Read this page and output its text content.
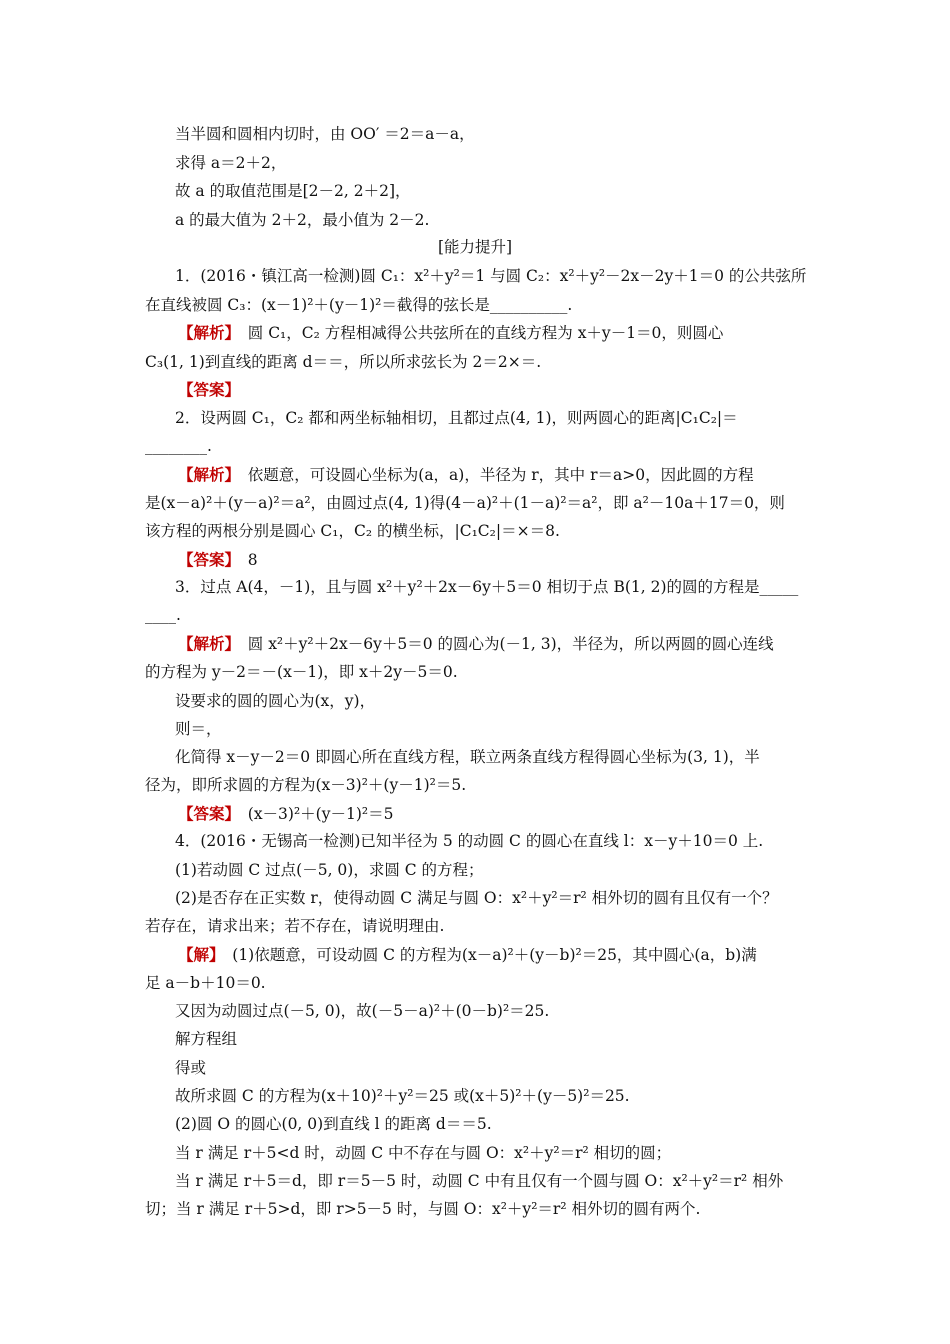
当半圆和圆相内切时，由 OO′ ＝2＝a－a，
求得 a＝2＋2，
故 a 的取值范围是[2－2, 2＋2]，
a 的最大值为 2＋2，最小值为 2－2.
[能力提升]
1．(2016・镇江高一检测)圆 C₁：x²＋y²＝1 与圆 C₂：x²＋y²－2x－2y＋1＝0 的公共弦所
在直线被圆 C₃：(x－1)²＋(y－1)²＝截得的弦长是__________.
【解析】　圆 C₁，C₂ 方程相减得公共弦所在的直线方程为 x＋y－1＝0，则圆心
C₃(1, 1)到直线的距离 d＝＝，所以所求弦长为 2＝2×＝.
【答案】
2．设两圆 C₁，C₂ 都和两坐标轴相切，且都过点(4, 1)，则两圆心的距离|C₁C₂|＝
________.
【解析】　依题意，可设圆心坐标为(a，a)，半径为 r，其中 r＝a>0，因此圆的方程
是(x－a)²＋(y－a)²＝a²，由圆过点(4, 1)得(4－a)²＋(1－a)²＝a²，即 a²－10a＋17＝0，则
该方程的两根分别是圆心 C₁，C₂ 的横坐标，|C₁C₂|＝×＝8.
【答案】　8
3．过点 A(4，－1)，且与圆 x²＋y²＋2x－6y＋5＝0 相切于点 B(1, 2)的圆的方程是_____
____.
【解析】　圆 x²＋y²＋2x－6y＋5＝0 的圆心为(－1, 3)，半径为，所以两圆的圆心连线
的方程为 y－2＝－(x－1)，即 x＋2y－5＝0.
设要求的圆的圆心为(x，y)，
则＝，
化简得 x－y－2＝0 即圆心所在直线方程，联立两条直线方程得圆心坐标为(3, 1)，半
径为，即所求圆的方程为(x－3)²＋(y－1)²＝5.
【答案】　(x－3)²＋(y－1)²＝5
4．(2016・无锡高一检测)已知半径为 5 的动圆 C 的圆心在直线 l：x－y＋10＝0 上.
(1)若动圆 C 过点(－5, 0)，求圆 C 的方程；
(2)是否存在正实数 r，使得动圆 C 满足与圆 O：x²＋y²＝r² 相外切的圆有且仅有一个？
若存在，请求出来；若不存在，请说明理由.
【解】　(1)依题意，可设动圆 C 的方程为(x－a)²＋(y－b)²＝25，其中圆心(a，b)满
足 a－b＋10＝0.
又因为动圆过点(－5, 0)，故(－5－a)²＋(0－b)²＝25.
解方程组
得或
故所求圆 C 的方程为(x＋10)²＋y²＝25 或(x＋5)²＋(y－5)²＝25.
(2)圆 O 的圆心(0, 0)到直线 l 的距离 d＝＝5.
当 r 满足 r＋5<d 时，动圆 C 中不存在与圆 O：x²＋y²＝r² 相切的圆；
当 r 满足 r＋5＝d，即 r＝5－5 时，动圆 C 中有且仅有一个圆与圆 O：x²＋y²＝r² 相外
切；当 r 满足 r＋5>d，即 r>5－5 时，与圆 O：x²＋y²＝r² 相外切的圆有两个.
